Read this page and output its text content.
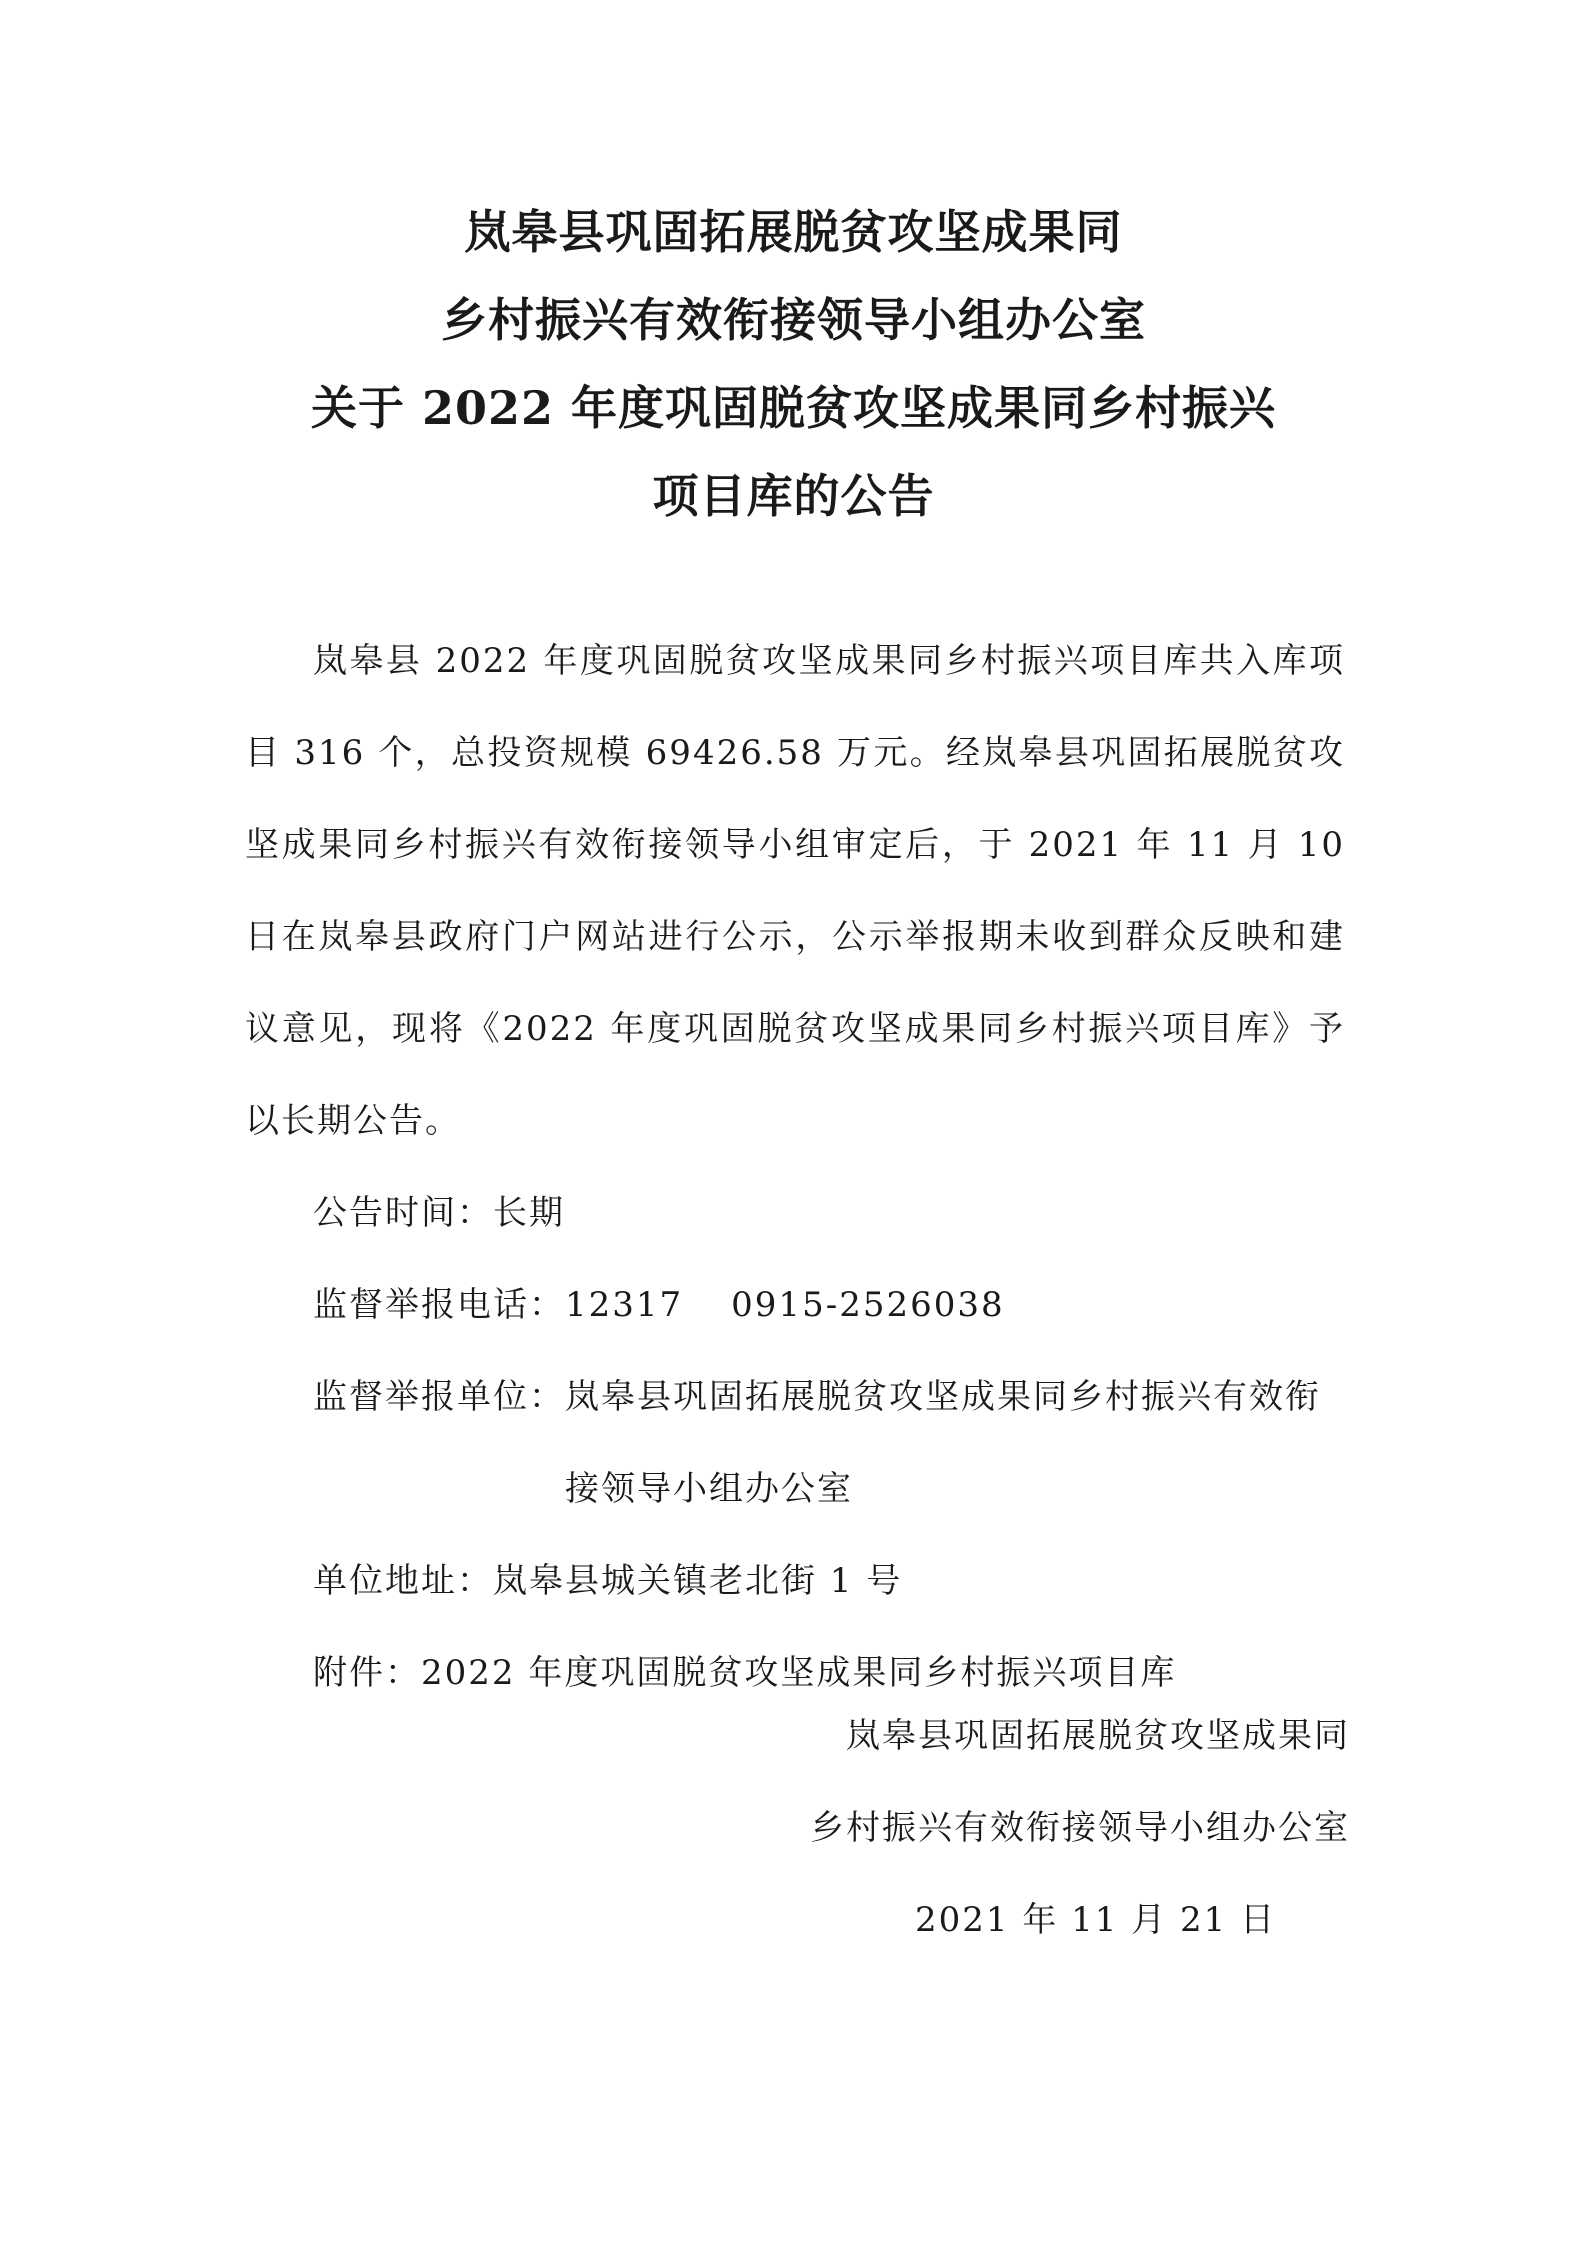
岚皋县巩固拓展脱贫攻坚成果同
乡村振兴有效衔接领导小组办公室
关于 2022 年度巩固脱贫攻坚成果同乡村振兴
项目库的公告

岚皋县 2022 年度巩固脱贫攻坚成果同乡村振兴项目库共入库项目 316 个，总投资规模 69426.58 万元。经岚皋县巩固拓展脱贫攻坚成果同乡村振兴有效衔接领导小组审定后，于 2021 年 11 月 10 日在岚皋县政府门户网站进行公示，公示举报期未收到群众反映和建议意见，现将《2022 年度巩固脱贫攻坚成果同乡村振兴项目库》予以长期公告。

公告时间：长期

监督举报电话：12317 0915-2526038

监督举报单位： 岚皋县巩固拓展脱贫攻坚成果同乡村振兴有效衔接领导小组办公室

单位地址：岚皋县城关镇老北街 1 号

附件：2022 年度巩固脱贫攻坚成果同乡村振兴项目库

岚皋县巩固拓展脱贫攻坚成果同
乡村振兴有效衔接领导小组办公室
2021 年 11 月 21 日
